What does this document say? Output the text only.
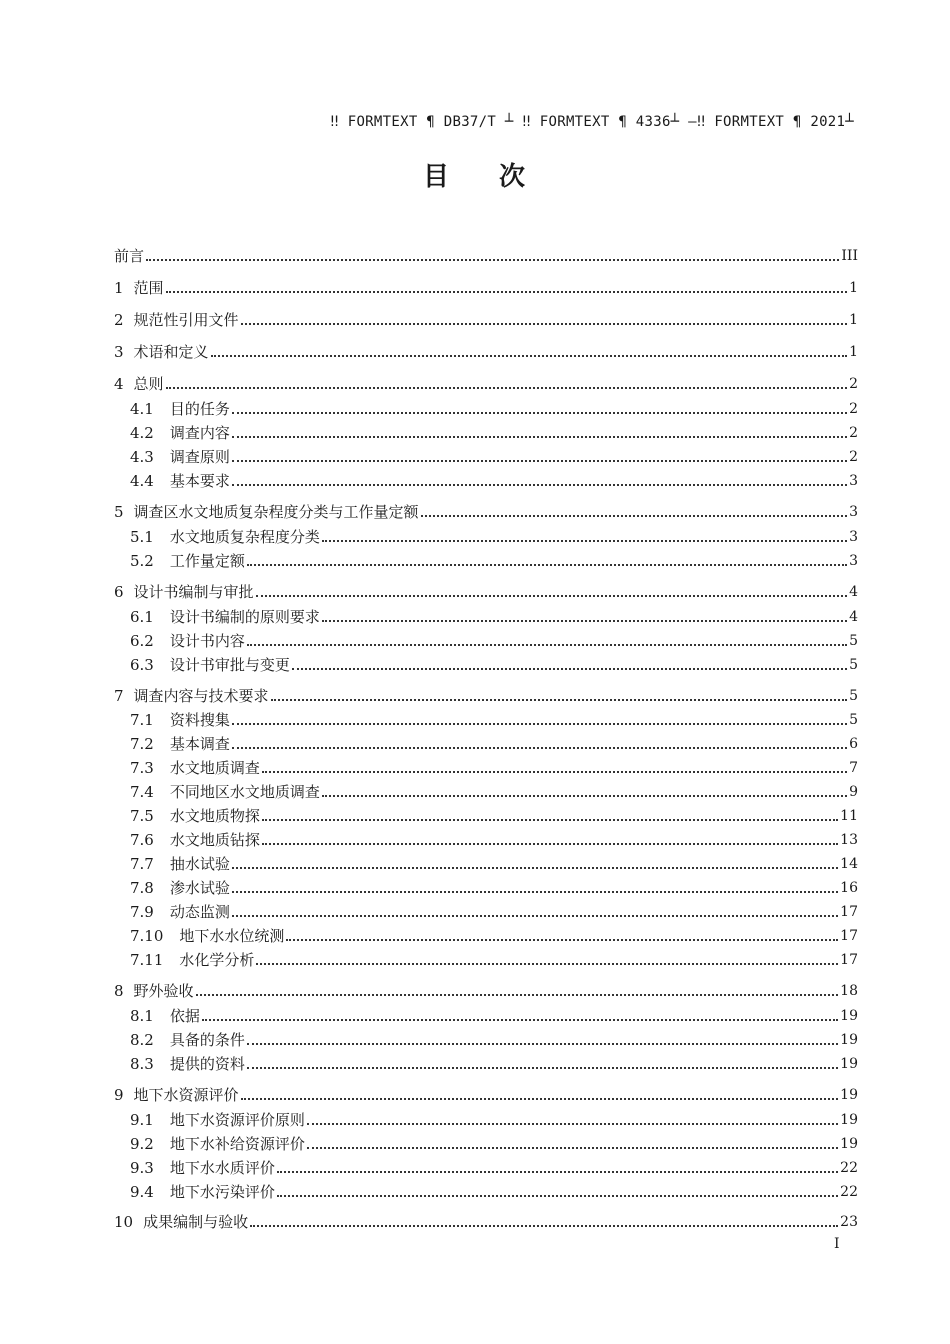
‼ FORMTEXT ¶ DB37/T ┴ ‼ FORMTEXT ¶ 4336┴ —‼ FORMTEXT ¶ 2021┴
目 次
前言	III
1 范围	1
2 规范性引用文件	1
3 术语和定义	1
4 总则	2
4.1 目的任务	2
4.2 调查内容	2
4.3 调查原则	2
4.4 基本要求	3
5 调查区水文地质复杂程度分类与工作量定额	3
5.1 水文地质复杂程度分类	3
5.2 工作量定额	3
6 设计书编制与审批	4
6.1 设计书编制的原则要求	4
6.2 设计书内容	5
6.3 设计书审批与变更	5
7 调查内容与技术要求	5
7.1 资料搜集	5
7.2 基本调查	6
7.3 水文地质调查	7
7.4 不同地区水文地质调查	9
7.5 水文地质物探	11
7.6 水文地质钻探	13
7.7 抽水试验	14
7.8 渗水试验	16
7.9 动态监测	17
7.10 地下水水位统测	17
7.11 水化学分析	17
8 野外验收	18
8.1 依据	19
8.2 具备的条件	19
8.3 提供的资料	19
9 地下水资源评价	19
9.1 地下水资源评价原则	19
9.2 地下水补给资源评价	19
9.3 地下水水质评价	22
9.4 地下水污染评价	22
10 成果编制与验收	23
I
